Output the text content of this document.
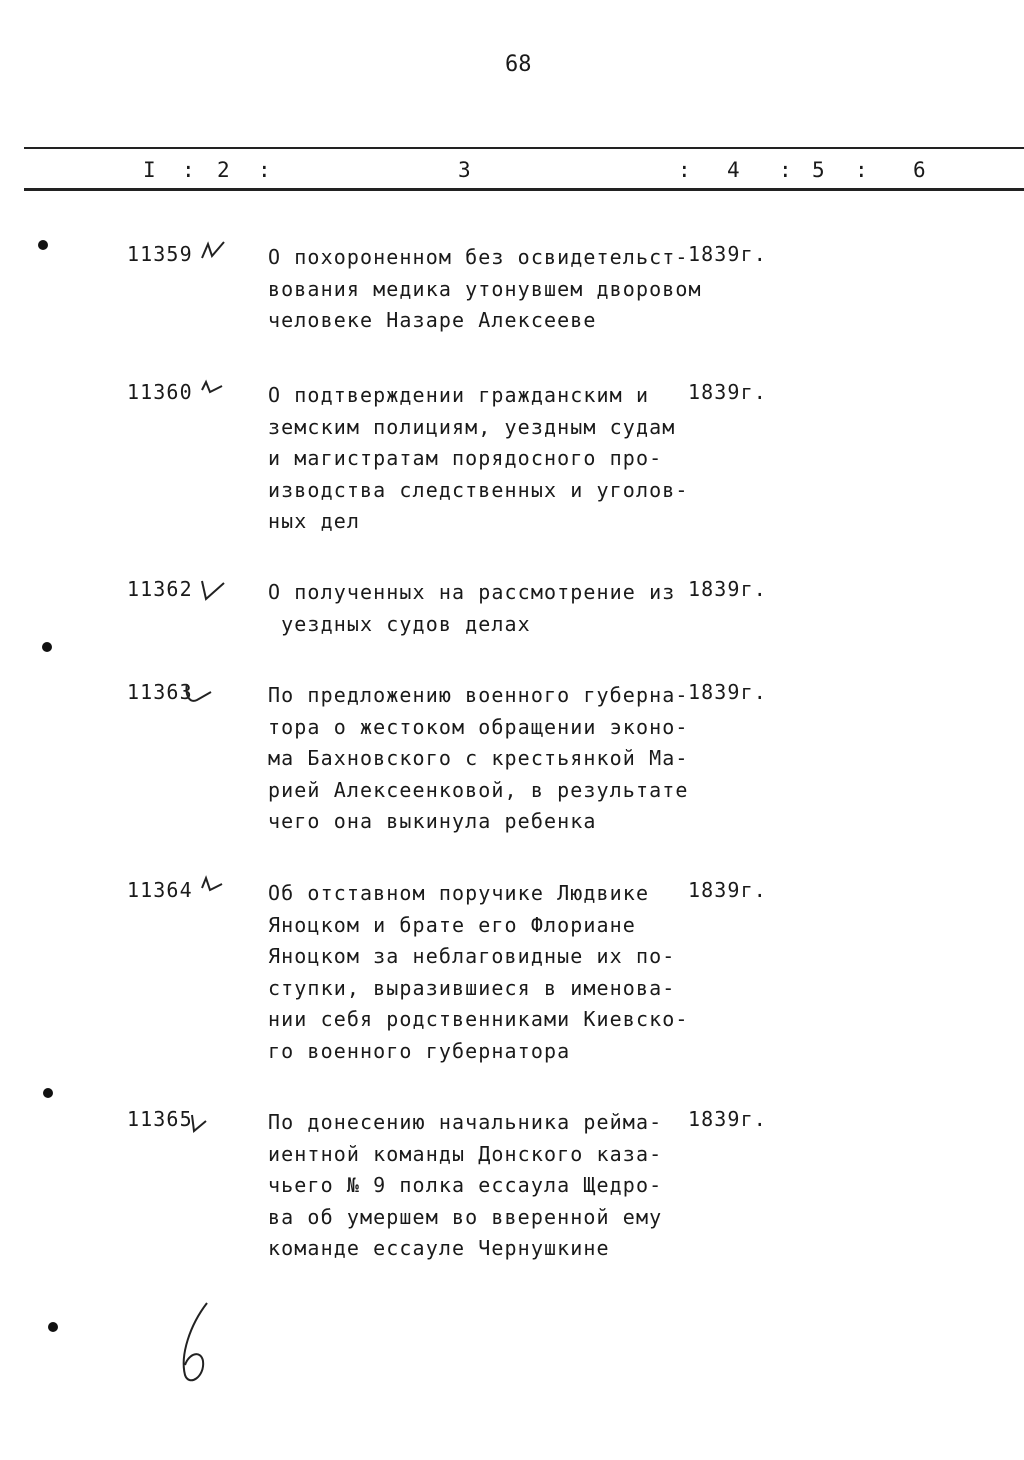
68
I : 2 :	3	: 4 : 5 : 6
11359	О похороненном без освидетельст-
вования медика утонувшем дворовом
человеке Назаре Алексееве
1839г.
11360	О подтверждении гражданским и
земским полициям, уездным судам
и магистратам порядосного про-
изводства следственных и уголов-
ных дел
1839г.
11362	О полученных на рассмотрение из
уездных судов делах
1839г.
11363	По предложению военного губерна-
тора о жестоком обращении эконо-
ма Бахновского с крестьянкой Ма-
рией Алексеенковой, в результате
чего она выкинула ребенка
1839г.
11364	Об отставном поручике Людвике
Яноцком и брате его Флориане
Яноцком за неблаговидные их по-
ступки, выразившиеся в именова-
нии себя родственниками Киевско-
го военного губернатора
1839г.
11365	По донесению начальника рейма-
иентной команды Донского каза-
чьего № 9 полка ессаула Щедро-
ва об умершем во вверенной ему
команде ессауле Чернушкине
1839г.
